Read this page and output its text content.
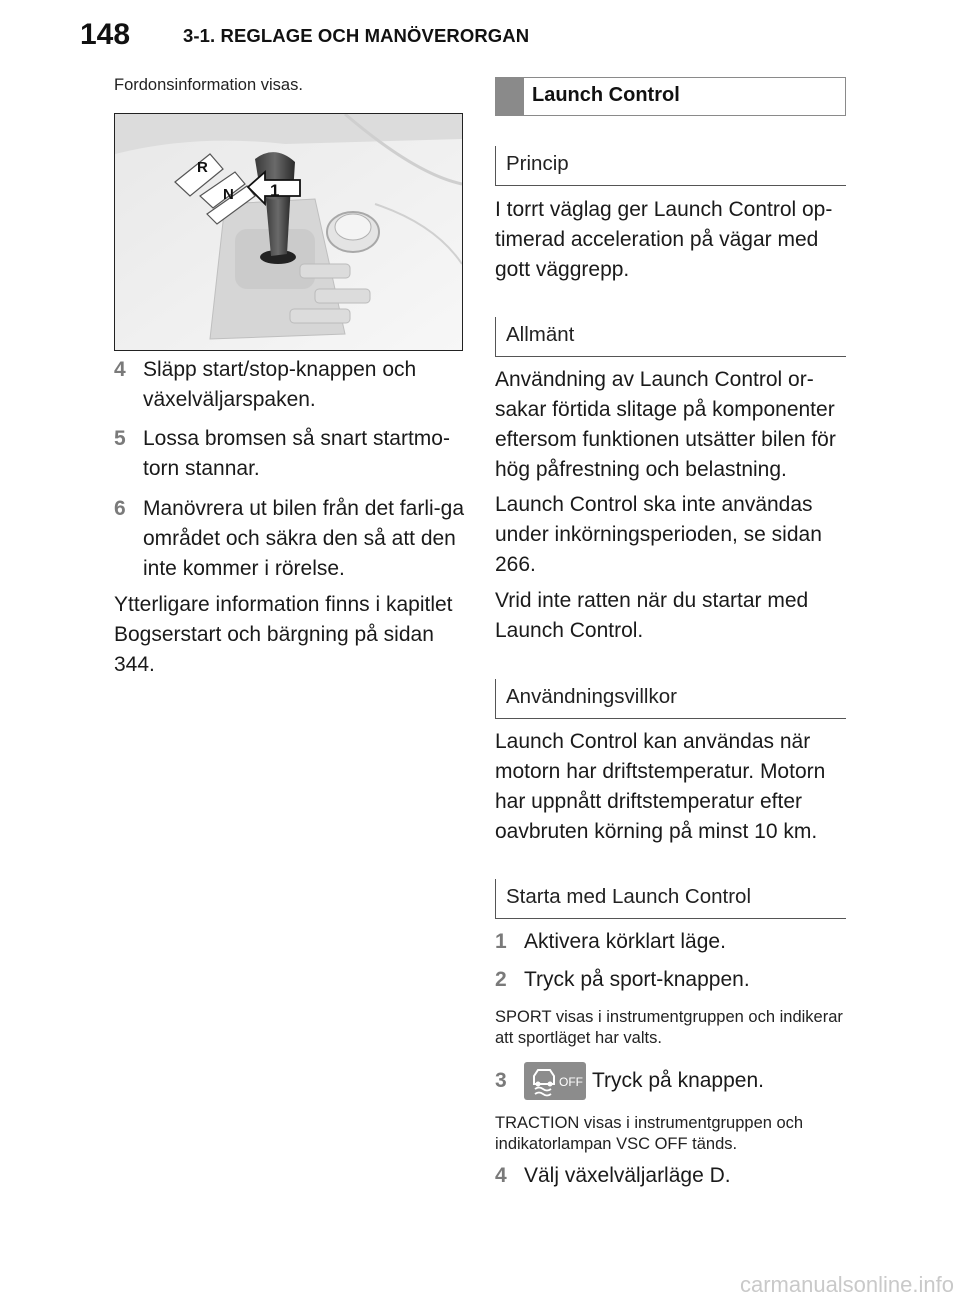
148	3-1. REGLAGE OCH MANÖVERORGAN
Fordonsinformation visas.
R
N 1
4 Släpp start/stop-knappen och växelväljarspaken.
5 Lossa bromsen så snart startmo-torn stannar.
6 Manövrera ut bilen från det farli-ga området och säkra den så att den inte kommer i rörelse.
Ytterligare information finns i kapitlet Bogserstart och bärgning på sidan 344.
Launch Control
Princip
I torrt väglag ger Launch Control op-timerad acceleration på vägar med gott väggrepp.
Allmänt
Användning av Launch Control or-sakar förtida slitage på komponenter eftersom funktionen utsätter bilen för hög påfrestning och belastning.
Launch Control ska inte användas under inkörningsperioden, se sidan 266.
Vrid inte ratten när du startar med Launch Control.
Användningsvillkor
Launch Control kan användas när motorn har driftstemperatur. Motorn har uppnått driftstemperatur efter oavbruten körning på minst 10 km.
Starta med Launch Control
1 Aktivera körklart läge.
2 Tryck på sport-knappen.
SPORT visas i instrumentgruppen och indikerar att sportläget har valts.
3	OFF Tryck på knappen.
TRACTION visas i instrumentgruppen och indikatorlampan VSC OFF tänds.
4 Välj växelväljarläge D.
carmanualsonline.info
